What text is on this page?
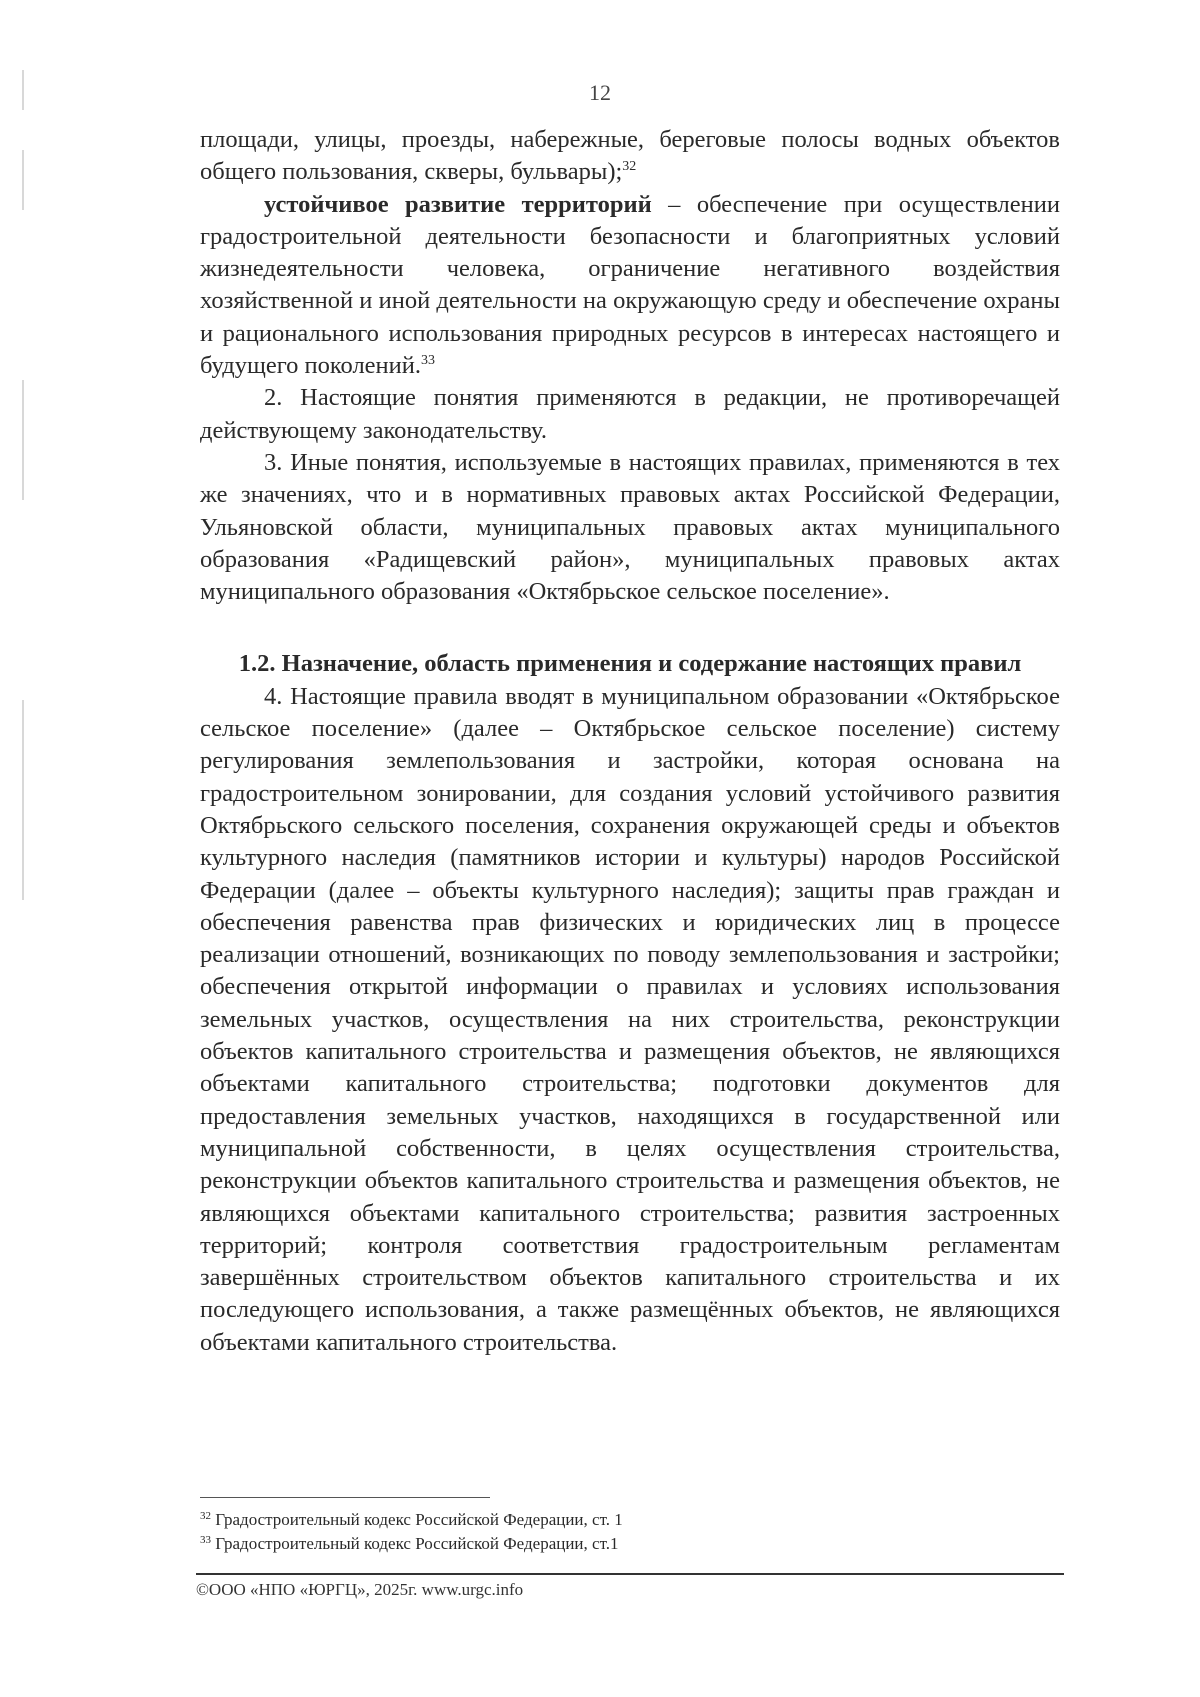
12

площади, улицы, проезды, набережные, береговые полосы водных объектов общего пользования, скверы, бульвары);$^{32}$

устойчивое развитие территорий – обеспечение при осуществлении градостроительной деятельности безопасности и благоприятных условий жизнедеятельности человека, ограничение негативного воздействия хозяйственной и иной деятельности на окружающую среду и обеспечение охраны и рационального использования природных ресурсов в интересах настоящего и будущего поколений.$^{33}$

2. Настоящие понятия применяются в редакции, не противоречащей действующему законодательству.

3. Иные понятия, используемые в настоящих правилах, применяются в тех же значениях, что и в нормативных правовых актах Российской Федерации, Ульяновской области, муниципальных правовых актах муниципального образования «Радищевский район», муниципальных правовых актах муниципального образования «Октябрьское сельское поселение».

1.2. Назначение, область применения и содержание настоящих правил

4. Настоящие правила вводят в муниципальном образовании «Октябрьское сельское поселение» (далее – Октябрьское сельское поселение) систему регулирования землепользования и застройки, которая основана на градостроительном зонировании, для создания условий устойчивого развития Октябрьского сельского поселения, сохранения окружающей среды и объектов культурного наследия (памятников истории и культуры) народов Российской Федерации (далее – объекты культурного наследия); защиты прав граждан и обеспечения равенства прав физических и юридических лиц в процессе реализации отношений, возникающих по поводу землепользования и застройки; обеспечения открытой информации о правилах и условиях использования земельных участков, осуществления на них строительства, реконструкции объектов капитального строительства и размещения объектов, не являющихся объектами капитального строительства; подготовки документов для предоставления земельных участков, находящихся в государственной или муниципальной собственности, в целях осуществления строительства, реконструкции объектов капитального строительства и размещения объектов, не являющихся объектами капитального строительства; развития застроенных территорий; контроля соответствия градостроительным регламентам завершённых строительством объектов капитального строительства и их последующего использования, а также размещённых объектов, не являющихся объектами капитального строительства.

$^{32}$ Градостроительный кодекс Российской Федерации, ст. 1
$^{33}$ Градостроительный кодекс Российской Федерации, ст.1
©ООО «НПО «ЮРГЦ», 2025г. www.urgc.info
